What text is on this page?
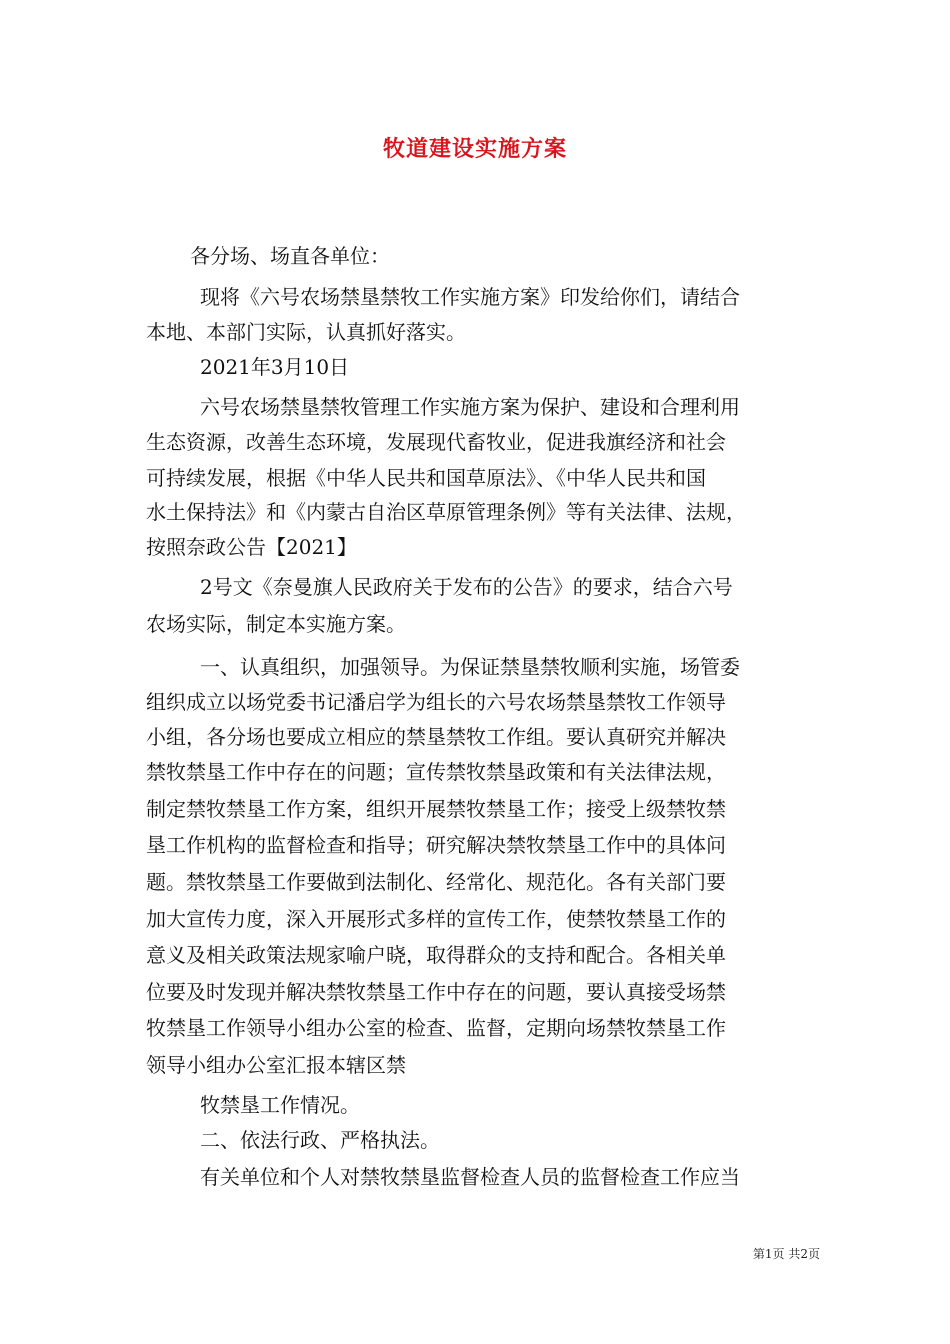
牧道建设实施方案
各分场、场直各单位：
现将《六号农场禁垦禁牧工作实施方案》印发给你们，请结合
本地、本部门实际，认真抓好落实。
2021年3月10日
六号农场禁垦禁牧管理工作实施方案为保护、建设和合理利用
生态资源，改善生态环境，发展现代畜牧业，促进我旗经济和社会
可持续发展，根据《中华人民共和国草原法》、《中华人民共和国
水土保持法》和《内蒙古自治区草原管理条例》等有关法律、法规，
按照奈政公告【2021】
2号文《奈曼旗人民政府关于发布的公告》的要求，结合六号
农场实际，制定本实施方案。
一、认真组织，加强领导。为保证禁垦禁牧顺利实施，场管委
组织成立以场党委书记潘启学为组长的六号农场禁垦禁牧工作领导
小组，各分场也要成立相应的禁垦禁牧工作组。要认真研究并解决
禁牧禁垦工作中存在的问题；宣传禁牧禁垦政策和有关法律法规，
制定禁牧禁垦工作方案，组织开展禁牧禁垦工作；接受上级禁牧禁
垦工作机构的监督检查和指导；研究解决禁牧禁垦工作中的具体问
题。禁牧禁垦工作要做到法制化、经常化、规范化。各有关部门要
加大宣传力度，深入开展形式多样的宣传工作，使禁牧禁垦工作的
意义及相关政策法规家喻户晓，取得群众的支持和配合。各相关单
位要及时发现并解决禁牧禁垦工作中存在的问题，要认真接受场禁
牧禁垦工作领导小组办公室的检查、监督，定期向场禁牧禁垦工作
领导小组办公室汇报本辖区禁
牧禁垦工作情况。
二、依法行政、严格执法。
有关单位和个人对禁牧禁垦监督检查人员的监督检查工作应当
第1页 共2页
